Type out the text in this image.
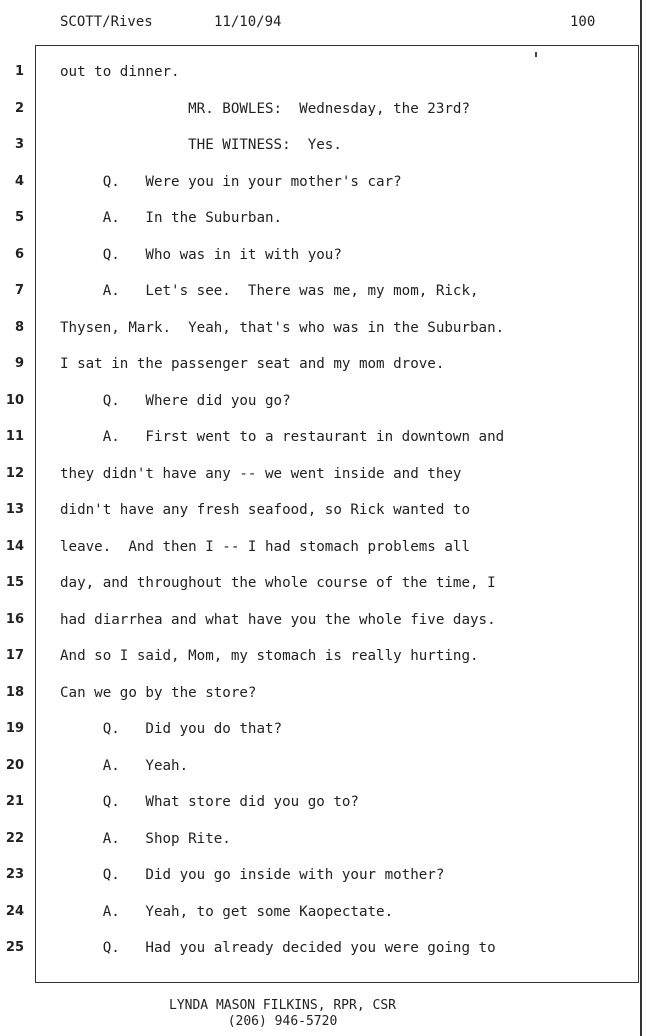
SCOTT/Rives	11/10/94	100
1	out to dinner.
2	MR. BOWLES:  Wednesday, the 23rd?
3	THE WITNESS:  Yes.
4	Q.   Were you in your mother's car?
5	A.   In the Suburban.
6	Q.   Who was in it with you?
7	A.   Let's see.  There was me, my mom, Rick,
8	Thysen, Mark.  Yeah, that's who was in the Suburban.
9	I sat in the passenger seat and my mom drove.
10	Q.   Where did you go?
11	A.   First went to a restaurant in downtown and
12	they didn't have any -- we went inside and they
13	didn't have any fresh seafood, so Rick wanted to
14	leave.  And then I -- I had stomach problems all
15	day, and throughout the whole course of the time, I
16	had diarrhea and what have you the whole five days.
17	And so I said, Mom, my stomach is really hurting.
18	Can we go by the store?
19	Q.   Did you do that?
20	A.   Yeah.
21	Q.   What store did you go to?
22	A.   Shop Rite.
23	Q.   Did you go inside with your mother?
24	A.   Yeah, to get some Kaopectate.
25	Q.   Had you already decided you were going to
LYNDA MASON FILKINS, RPR, CSR
(206) 946-5720
